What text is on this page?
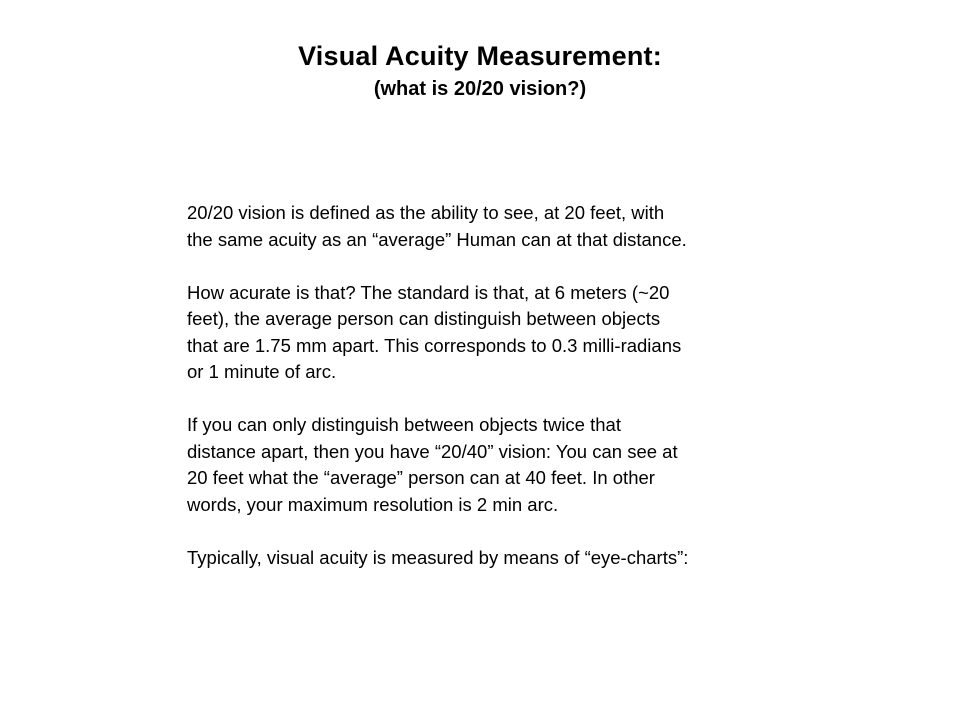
Visual Acuity Measurement:

(what is 20/20 vision?)

20/20 vision is defined as the ability to see, at 20 feet, with
the same acuity as an “average” Human can at that distance.

How acurate is that? The standard is that, at 6 meters (~20
feet), the average person can distinguish between objects
that are 1.75 mm apart. This corresponds to 0.3 milli-radians
or 1 minute of arc.

If you can only distinguish between objects twice that
distance apart, then you have “20/40” vision: You can see at
20 feet what the “average” person can at 40 feet. In other
words, your maximum resolution is 2 min arc.

Typically, visual acuity is measured by means of “eye-charts”:
